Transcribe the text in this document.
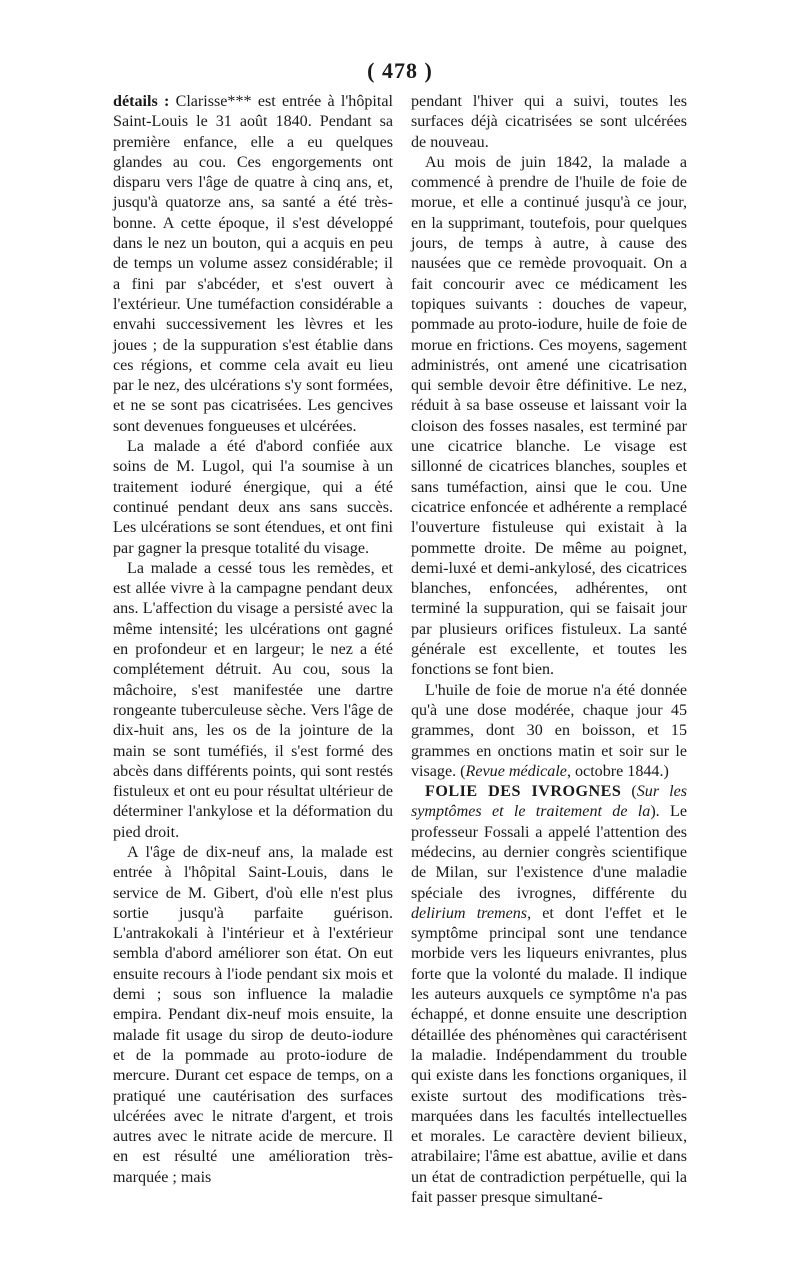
( 478 )

détails : Clarisse*** est entrée à l'hôpital Saint-Louis le 31 août 1840. Pendant sa première enfance, elle a eu quelques glandes au cou. Ces engorgements ont disparu vers l'âge de quatre à cinq ans, et, jusqu'à quatorze ans, sa santé a été très-bonne. A cette époque, il s'est développé dans le nez un bouton, qui a acquis en peu de temps un volume assez considérable; il a fini par s'abcéder, et s'est ouvert à l'extérieur. Une tuméfaction considérable a envahi successivement les lèvres et les joues ; de la suppuration s'est établie dans ces régions, et comme cela avait eu lieu par le nez, des ulcérations s'y sont formées, et ne se sont pas cicatrisées. Les gencives sont devenues fongueuses et ulcérées.

La malade a été d'abord confiée aux soins de M. Lugol, qui l'a soumise à un traitement ioduré énergique, qui a été continué pendant deux ans sans succès. Les ulcérations se sont étendues, et ont fini par gagner la presque totalité du visage.

La malade a cessé tous les remèdes, et est allée vivre à la campagne pendant deux ans. L'affection du visage a persisté avec la même intensité; les ulcérations ont gagné en profondeur et en largeur; le nez a été complétement détruit. Au cou, sous la mâchoire, s'est manifestée une dartre rongeante tuberculeuse sèche. Vers l'âge de dix-huit ans, les os de la jointure de la main se sont tuméfiés, il s'est formé des abcès dans différents points, qui sont restés fistuleux et ont eu pour résultat ultérieur de déterminer l'ankylose et la déformation du pied droit.

A l'âge de dix-neuf ans, la malade est entrée à l'hôpital Saint-Louis, dans le service de M. Gibert, d'où elle n'est plus sortie jusqu'à parfaite guérison. L'antrakokali à l'intérieur et à l'extérieur sembla d'abord améliorer son état. On eut ensuite recours à l'iode pendant six mois et demi ; sous son influence la maladie empira. Pendant dix-neuf mois ensuite, la malade fit usage du sirop de deuto-iodure et de la pommade au proto-iodure de mercure. Durant cet espace de temps, on a pratiqué une cautérisation des surfaces ulcérées avec le nitrate d'argent, et trois autres avec le nitrate acide de mercure. Il en est résulté une amélioration très-marquée ; mais

pendant l'hiver qui a suivi, toutes les surfaces déjà cicatrisées se sont ulcérées de nouveau.

Au mois de juin 1842, la malade a commencé à prendre de l'huile de foie de morue, et elle a continué jusqu'à ce jour, en la supprimant, toutefois, pour quelques jours, de temps à autre, à cause des nausées que ce remède provoquait. On a fait concourir avec ce médicament les topiques suivants : douches de vapeur, pommade au proto-iodure, huile de foie de morue en frictions. Ces moyens, sagement administrés, ont amené une cicatrisation qui semble devoir être définitive. Le nez, réduit à sa base osseuse et laissant voir la cloison des fosses nasales, est terminé par une cicatrice blanche. Le visage est sillonné de cicatrices blanches, souples et sans tuméfaction, ainsi que le cou. Une cicatrice enfoncée et adhérente a remplacé l'ouverture fistuleuse qui existait à la pommette droite. De même au poignet, demi-luxé et demi-ankylosé, des cicatrices blanches, enfoncées, adhérentes, ont terminé la suppuration, qui se faisait jour par plusieurs orifices fistuleux. La santé générale est excellente, et toutes les fonctions se font bien.

L'huile de foie de morue n'a été donnée qu'à une dose modérée, chaque jour 45 grammes, dont 30 en boisson, et 15 grammes en onctions matin et soir sur le visage. (Revue médicale, octobre 1844.)

FOLIE DES IVROGNES (Sur les symptômes et le traitement de la). Le professeur Fossali a appelé l'attention des médecins, au dernier congrès scientifique de Milan, sur l'existence d'une maladie spéciale des ivrognes, différente du delirium tremens, et dont l'effet et le symptôme principal sont une tendance morbide vers les liqueurs enivrantes, plus forte que la volonté du malade. Il indique les auteurs auxquels ce symptôme n'a pas échappé, et donne ensuite une description détaillée des phénomènes qui caractérisent la maladie. Indépendamment du trouble qui existe dans les fonctions organiques, il existe surtout des modifications très-marquées dans les facultés intellectuelles et morales. Le caractère devient bilieux, atrabilaire; l'âme est abattue, avilie et dans un état de contradiction perpétuelle, qui la fait passer presque simultané-
